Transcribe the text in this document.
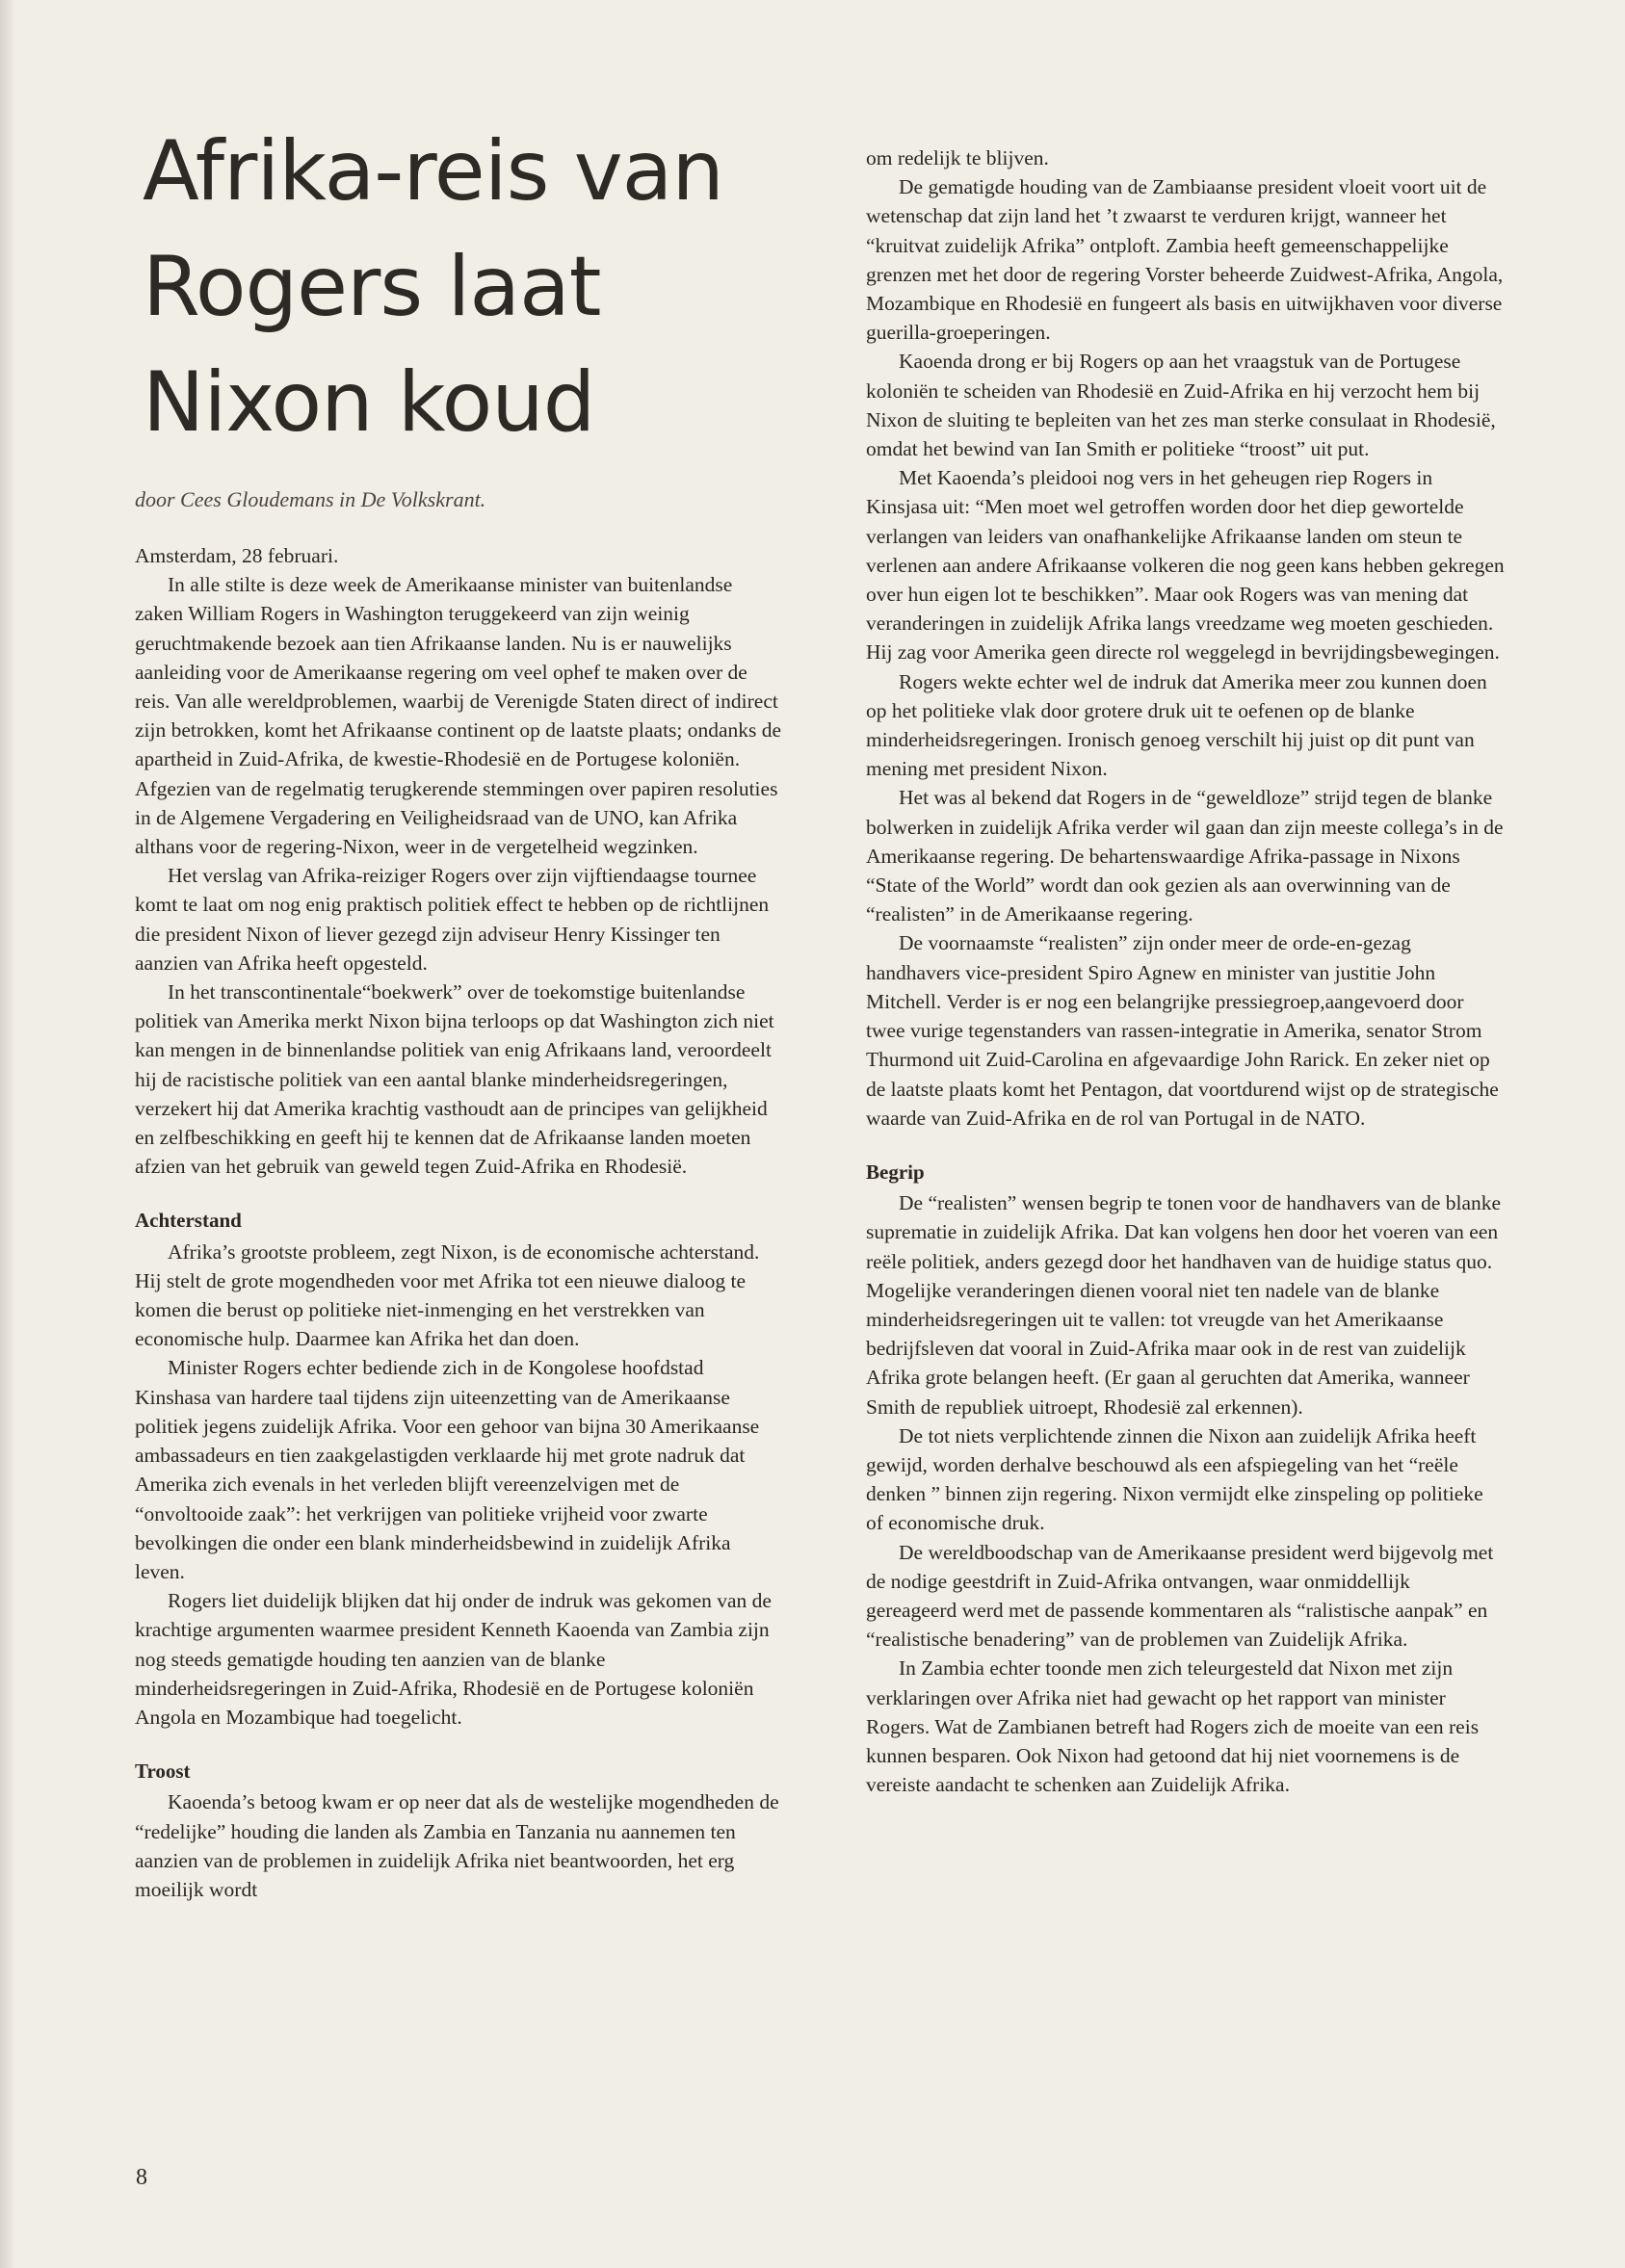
Afrika-reis van
Rogers laat
Nixon koud
door Cees Gloudemans in De Volkskrant.

Amsterdam, 28 februari.

In alle stilte is deze week de Amerikaanse minister van buitenlandse zaken William Rogers in Washington teruggekeerd van zijn weinig geruchtmakende bezoek aan tien Afrikaanse landen. Nu is er nauwelijks aanleiding voor de Amerikaanse regering om veel ophef te maken over de reis. Van alle wereldproblemen, waarbij de Verenigde Staten direct of indirect zijn betrokken, komt het Afrikaanse continent op de laatste plaats; ondanks de apartheid in Zuid-Afrika, de kwestie-Rhodesië en de Portugese koloniën. Afgezien van de regelmatig terugkerende stemmingen over papiren resoluties in de Algemene Vergadering en Veiligheidsraad van de UNO, kan Afrika althans voor de regering-Nixon, weer in de vergetelheid wegzinken.

Het verslag van Afrika-reiziger Rogers over zijn vijftiendaagse tournee komt te laat om nog enig praktisch politiek effect te hebben op de richtlijnen die president Nixon of liever gezegd zijn adviseur Henry Kissinger ten aanzien van Afrika heeft opgesteld.

In het transcontinentale“boekwerk” over de toekomstige buitenlandse politiek van Amerika merkt Nixon bijna terloops op dat Washington zich niet kan mengen in de binnenlandse politiek van enig Afrikaans land, veroordeelt hij de racistische politiek van een aantal blanke minderheidsregeringen, verzekert hij dat Amerika krachtig vasthoudt aan de principes van gelijkheid en zelfbeschikking en geeft hij te kennen dat de Afrikaanse landen moeten afzien van het gebruik van geweld tegen Zuid-Afrika en Rhodesië.

Achterstand

Afrika’s grootste probleem, zegt Nixon, is de economische achterstand. Hij stelt de grote mogendheden voor met Afrika tot een nieuwe dialoog te komen die berust op politieke niet-inmenging en het verstrekken van economische hulp. Daarmee kan Afrika het dan doen.

Minister Rogers echter bediende zich in de Kongolese hoofdstad Kinshasa van hardere taal tijdens zijn uiteenzetting van de Amerikaanse politiek jegens zuidelijk Afrika. Voor een gehoor van bijna 30 Amerikaanse ambassadeurs en tien zaakgelastigden verklaarde hij met grote nadruk dat Amerika zich evenals in het verleden blijft vereenzelvigen met de “onvoltooide zaak”: het verkrijgen van politieke vrijheid voor zwarte bevolkingen die onder een blank minderheidsbewind in zuidelijk Afrika leven.

Rogers liet duidelijk blijken dat hij onder de indruk was gekomen van de krachtige argumenten waarmee president Kenneth Kaoenda van Zambia zijn nog steeds gematigde houding ten aanzien van de blanke minderheidsregeringen in Zuid-Afrika, Rhodesië en de Portugese koloniën Angola en Mozambique had toegelicht.

Troost

Kaoenda’s betoog kwam er op neer dat als de westelijke mogendheden de “redelijke” houding die landen als Zambia en Tanzania nu aannemen ten aanzien van de problemen in zuidelijk Afrika niet beantwoorden, het erg moeilijk wordt

om redelijk te blijven.

De gematigde houding van de Zambiaanse president vloeit voort uit de wetenschap dat zijn land het ’t zwaarst te verduren krijgt, wanneer het “kruitvat zuidelijk Afrika” ontploft. Zambia heeft gemeenschappelijke grenzen met het door de regering Vorster beheerde Zuidwest-Afrika, Angola, Mozambique en Rhodesië en fungeert als basis en uitwijkhaven voor diverse guerilla-groeperingen.

Kaoenda drong er bij Rogers op aan het vraagstuk van de Portugese koloniën te scheiden van Rhodesië en Zuid-Afrika en hij verzocht hem bij Nixon de sluiting te bepleiten van het zes man sterke consulaat in Rhodesië, omdat het bewind van Ian Smith er politieke “troost” uit put.

Met Kaoenda’s pleidooi nog vers in het geheugen riep Rogers in Kinsjasa uit: “Men moet wel getroffen worden door het diep gewortelde verlangen van leiders van onafhankelijke Afrikaanse landen om steun te verlenen aan andere Afrikaanse volkeren die nog geen kans hebben gekregen over hun eigen lot te beschikken”. Maar ook Rogers was van mening dat veranderingen in zuidelijk Afrika langs vreedzame weg moeten geschieden. Hij zag voor Amerika geen directe rol weggelegd in bevrijdingsbewegingen.

Rogers wekte echter wel de indruk dat Amerika meer zou kunnen doen op het politieke vlak door grotere druk uit te oefenen op de blanke minderheidsregeringen. Ironisch genoeg verschilt hij juist op dit punt van mening met president Nixon.

Het was al bekend dat Rogers in de “geweldloze” strijd tegen de blanke bolwerken in zuidelijk Afrika verder wil gaan dan zijn meeste collega’s in de Amerikaanse regering. De behartenswaardige Afrika-passage in Nixons “State of the World” wordt dan ook gezien als aan overwinning van de “realisten” in de Amerikaanse regering.

De voornaamste “realisten” zijn onder meer de orde-en-gezag handhavers vice-president Spiro Agnew en minister van justitie John Mitchell. Verder is er nog een belangrijke pressiegroep,aangevoerd door twee vurige tegenstanders van rassen-integratie in Amerika, senator Strom Thurmond uit Zuid-Carolina en afgevaardige John Rarick. En zeker niet op de laatste plaats komt het Pentagon, dat voortdurend wijst op de strategische waarde van Zuid-Afrika en de rol van Portugal in de NATO.

Begrip

De “realisten” wensen begrip te tonen voor de handhavers van de blanke suprematie in zuidelijk Afrika. Dat kan volgens hen door het voeren van een reële politiek, anders gezegd door het handhaven van de huidige status quo. Mogelijke veranderingen dienen vooral niet ten nadele van de blanke minderheidsregeringen uit te vallen: tot vreugde van het Amerikaanse bedrijfsleven dat vooral in Zuid-Afrika maar ook in de rest van zuidelijk Afrika grote belangen heeft. (Er gaan al geruchten dat Amerika, wanneer Smith de republiek uitroept, Rhodesië zal erkennen).

De tot niets verplichtende zinnen die Nixon aan zuidelijk Afrika heeft gewijd, worden derhalve beschouwd als een afspiegeling van het “reële denken ” binnen zijn regering. Nixon vermijdt elke zinspeling op politieke of economische druk.

De wereldboodschap van de Amerikaanse president werd bijgevolg met de nodige geestdrift in Zuid-Afrika ontvangen, waar onmiddellijk gereageerd werd met de passende kommentaren als “ralistische aanpak” en “realistische benadering” van de problemen van Zuidelijk Afrika.

In Zambia echter toonde men zich teleurgesteld dat Nixon met zijn verklaringen over Afrika niet had gewacht op het rapport van minister Rogers. Wat de Zambianen betreft had Rogers zich de moeite van een reis kunnen besparen. Ook Nixon had getoond dat hij niet voornemens is de vereiste aandacht te schenken aan Zuidelijk Afrika.

8
